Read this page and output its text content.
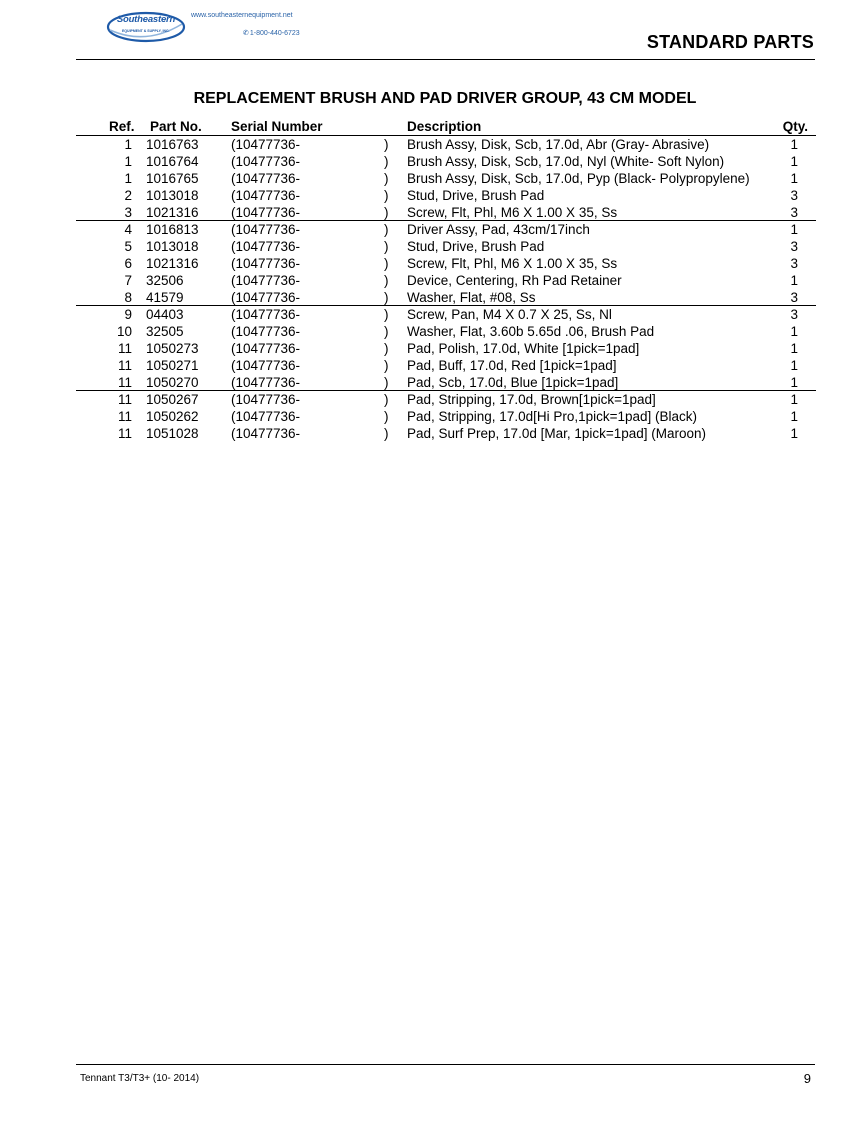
Southeastern
EQUIPMENT & SUPPLY, INC.
www.southeasternequipment.net
✆1-800-440-6723	STANDARD PARTS
REPLACEMENT BRUSH AND PAD DRIVER GROUP, 43 CM MODEL
Ref. Part No. Serial Number	Description	Qty.
1 1016763 (10477736-	) Brush Assy, Disk, Scb, 17.0d, Abr (Gray- Abrasive)	1
1 1016764 (10477736-	) Brush Assy, Disk, Scb, 17.0d, Nyl (White- Soft Nylon)	1
1 1016765 (10477736-	) Brush Assy, Disk, Scb, 17.0d, Pyp (Black- Polypropylene)	1
2 1013018 (10477736-	) Stud, Drive, Brush Pad	3
3 1021316 (10477736-	) Screw, Flt, Phl, M6 X 1.00 X 35, Ss	3
4 1016813 (10477736-	) Driver Assy, Pad, 43cm/17inch	1
5 1013018 (10477736-	) Stud, Drive, Brush Pad	3
6 1021316 (10477736-	) Screw, Flt, Phl, M6 X 1.00 X 35, Ss	3
7 32506	(10477736-	) Device, Centering, Rh Pad Retainer	1
8 41579	(10477736-	) Washer, Flat, #08, Ss	3
9 04403	(10477736-	) Screw, Pan, M4 X 0.7 X 25, Ss, Nl	3
10 32505	(10477736-	) Washer, Flat, 3.60b 5.65d .06, Brush Pad	1
11 1050273 (10477736-	) Pad, Polish, 17.0d, White [1pick=1pad]	1
11 1050271 (10477736-	) Pad, Buff, 17.0d, Red [1pick=1pad]	1
11 1050270 (10477736-	) Pad, Scb, 17.0d, Blue [1pick=1pad]	1
11 1050267 (10477736-	) Pad, Stripping, 17.0d, Brown[1pick=1pad]	1
11 1050262 (10477736-	) Pad, Stripping, 17.0d[Hi Pro,1pick=1pad] (Black)	1
11 1051028 (10477736-	) Pad, Surf Prep, 17.0d [Mar, 1pick=1pad] (Maroon)	1
Tennant T3/T3+ (10- 2014)	9
